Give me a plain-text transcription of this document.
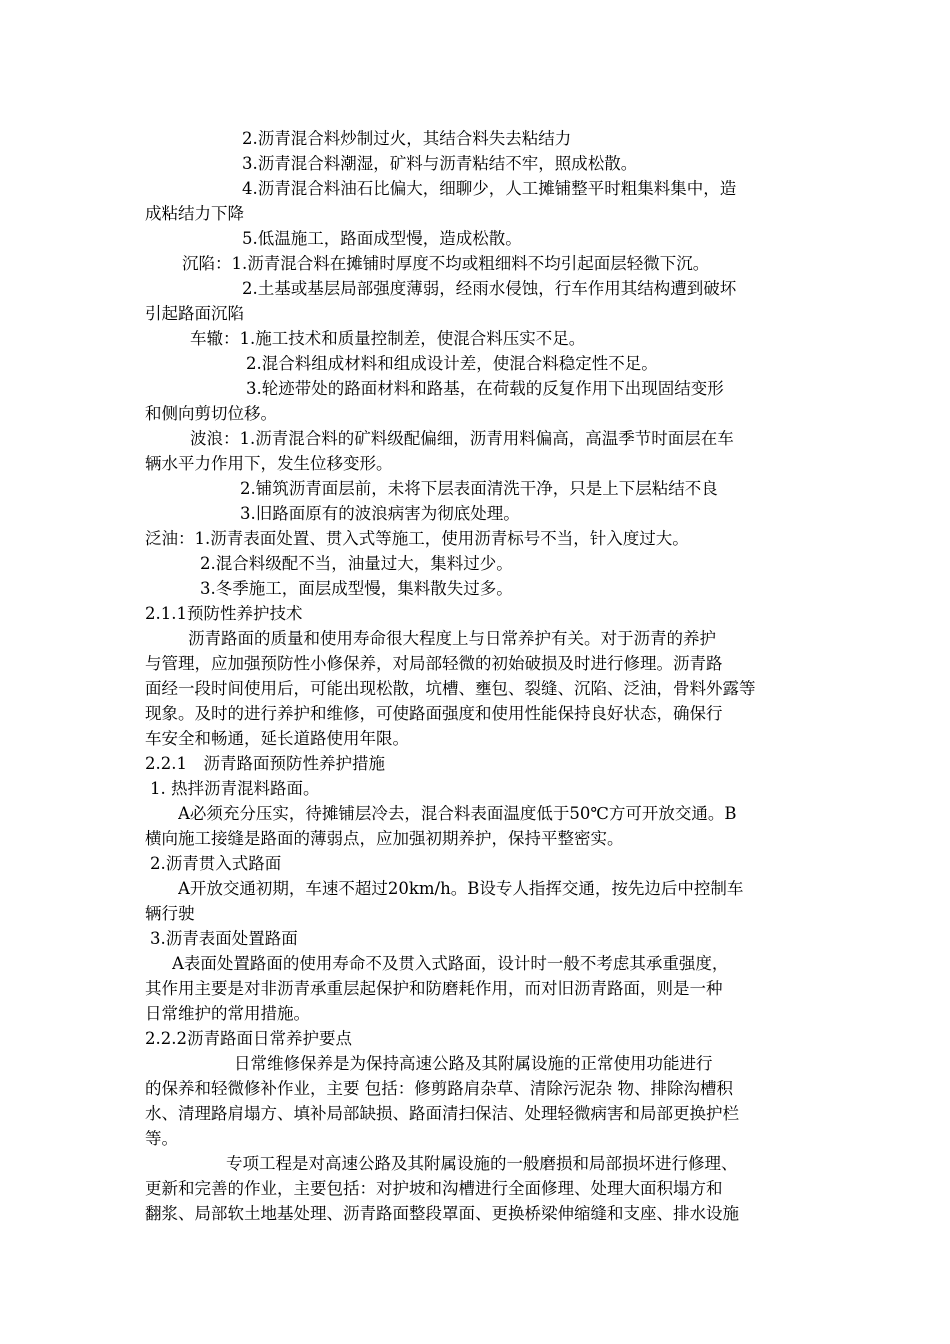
2.沥青混合料炒制过火，其结合料失去粘结力
3.沥青混合料潮湿，矿料与沥青粘结不牢，照成松散。
4.沥青混合料油石比偏大，细聊少，人工摊铺整平时粗集料集中，造
成粘结力下降
5.低温施工，路面成型慢，造成松散。
沉陷：1.沥青混合料在摊铺时厚度不均或粗细料不均引起面层轻微下沉。
2.土基或基层局部强度薄弱，经雨水侵蚀，行车作用其结构遭到破坏
引起路面沉陷
车辙：1.施工技术和质量控制差，使混合料压实不足。
2.混合料组成材料和组成设计差，使混合料稳定性不足。
3.轮迹带处的路面材料和路基，在荷载的反复作用下出现固结变形
和侧向剪切位移。
波浪：1.沥青混合料的矿料级配偏细，沥青用料偏高，高温季节时面层在车
辆水平力作用下，发生位移变形。
2.铺筑沥青面层前，未将下层表面清洗干净，只是上下层粘结不良
3.旧路面原有的波浪病害为彻底处理。
泛油：1.沥青表面处置、贯入式等施工，使用沥青标号不当，针入度过大。
2.混合料级配不当，油量过大，集料过少。
3.冬季施工，面层成型慢，集料散失过多。
2.1.1预防性养护技术
沥青路面的质量和使用寿命很大程度上与日常养护有关。对于沥青的养护
与管理，应加强预防性小修保养，对局部轻微的初始破损及时进行修理。沥青路
面经一段时间使用后，可能出现松散，坑槽、壅包、裂缝、沉陷、泛油，骨料外露等
现象。及时的进行养护和维修，可使路面强度和使用性能保持良好状态，确保行
车安全和畅通，延长道路使用年限。
2.2.1　沥青路面预防性养护措施
1. 热拌沥青混料路面。
A必须充分压实，待摊铺层冷去，混合料表面温度低于50℃方可开放交通。B
横向施工接缝是路面的薄弱点，应加强初期养护，保持平整密实。
2.沥青贯入式路面
A开放交通初期，车速不超过20km/h。B设专人指挥交通，按先边后中控制车
辆行驶
3.沥青表面处置路面
A表面处置路面的使用寿命不及贯入式路面，设计时一般不考虑其承重强度，
其作用主要是对非沥青承重层起保护和防磨耗作用，而对旧沥青路面，则是一种
日常维护的常用措施。
2.2.2沥青路面日常养护要点
日常维修保养是为保持高速公路及其附属设施的正常使用功能进行
的保养和轻微修补作业，主要 包括：修剪路肩杂草、清除污泥杂 物、排除沟槽积
水、清理路肩塌方、填补局部缺损、路面清扫保洁、处理轻微病害和局部更换护栏
等。
专项工程是对高速公路及其附属设施的一般磨损和局部损坏进行修理、
更新和完善的作业，主要包括：对护坡和沟槽进行全面修理、处理大面积塌方和
翻浆、局部软土地基处理、沥青路面整段罩面、更换桥梁伸缩缝和支座、排水设施
